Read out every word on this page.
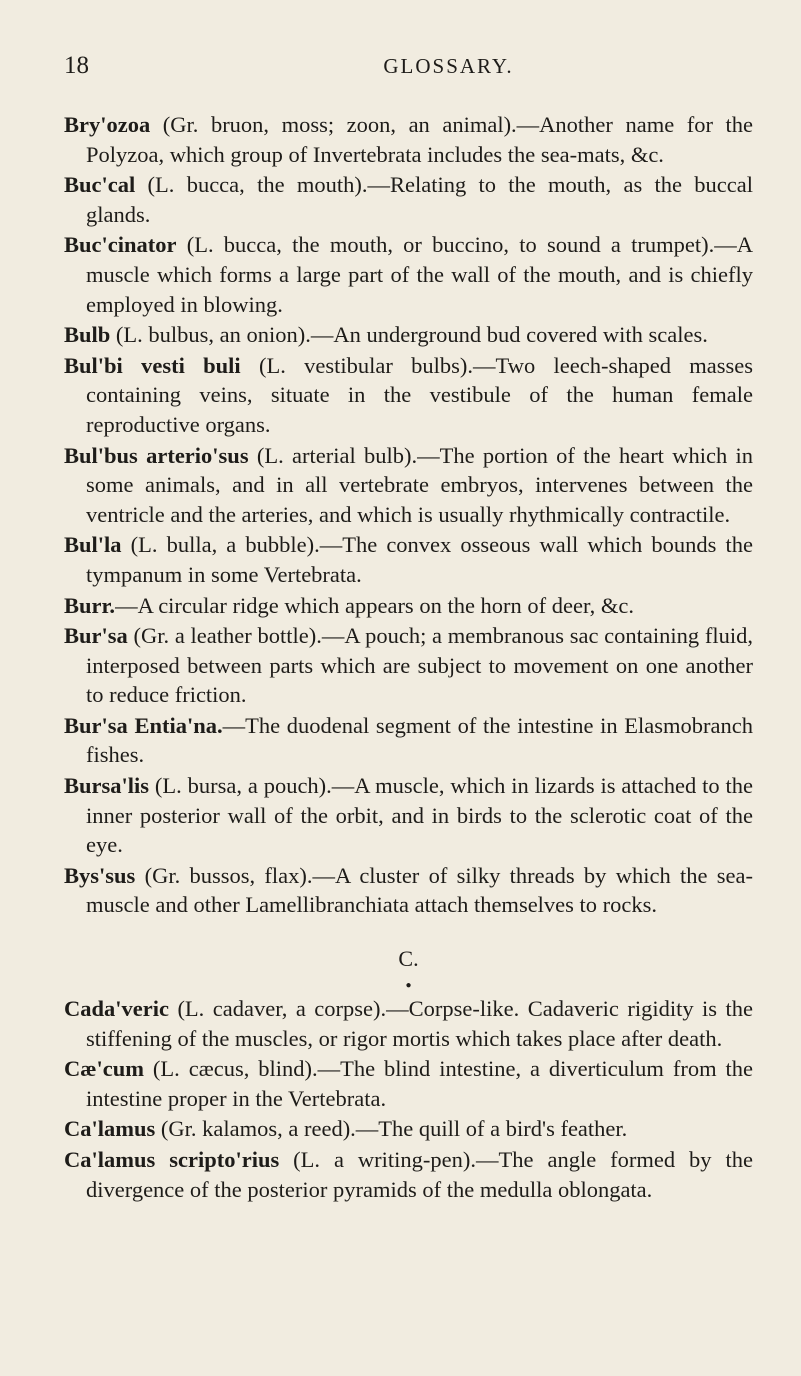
18	GLOSSARY.

Bry'ozoa (Gr. bruon, moss; zoon, an animal).—Another name for the Polyzoa, which group of Invertebrata includes the sea-mats, &c.

Buc'cal (L. bucca, the mouth).—Relating to the mouth, as the buccal glands.

Buc'cinator (L. bucca, the mouth, or buccino, to sound a trumpet).—A muscle which forms a large part of the wall of the mouth, and is chiefly employed in blowing.

Bulb (L. bulbus, an onion).—An underground bud covered with scales.

Bul'bi vesti buli (L. vestibular bulbs).—Two leech-shaped masses containing veins, situate in the vestibule of the human female reproductive organs.

Bul'bus arterio'sus (L. arterial bulb).—The portion of the heart which in some animals, and in all vertebrate embryos, intervenes between the ventricle and the arteries, and which is usually rhythmically contractile.

Bul'la (L. bulla, a bubble).—The convex osseous wall which bounds the tympanum in some Vertebrata.

Burr.—A circular ridge which appears on the horn of deer, &c.

Bur'sa (Gr. a leather bottle).—A pouch; a membranous sac containing fluid, interposed between parts which are subject to movement on one another to reduce friction.

Bur'sa Entia'na.—The duodenal segment of the intestine in Elasmobranch fishes.

Bursa'lis (L. bursa, a pouch).—A muscle, which in lizards is attached to the inner posterior wall of the orbit, and in birds to the sclerotic coat of the eye.

Bys'sus (Gr. bussos, flax).—A cluster of silky threads by which the sea-muscle and other Lamellibranchiata attach themselves to rocks.

C.
●

Cada'veric (L. cadaver, a corpse).—Corpse-like. Cadaveric rigidity is the stiffening of the muscles, or rigor mortis which takes place after death.

Cæ'cum (L. cæcus, blind).—The blind intestine, a diverticulum from the intestine proper in the Vertebrata.

Ca'lamus (Gr. kalamos, a reed).—The quill of a bird's feather.

Ca'lamus scripto'rius (L. a writing-pen).—The angle formed by the divergence of the posterior pyramids of the medulla oblongata.
